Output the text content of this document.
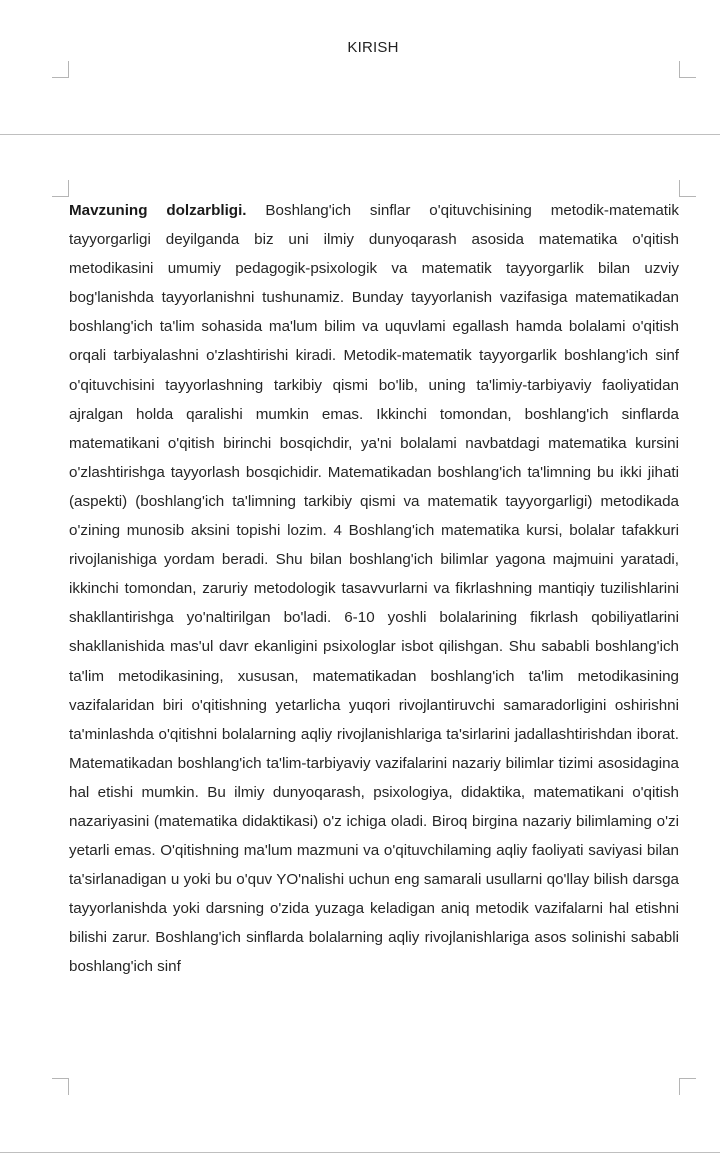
KIRISH

Mavzuning dolzarbligi. Boshlang'ich sinflar o'qituvchisining metodik-matematik tayyorgarligi deyilganda biz uni ilmiy dunyoqarash asosida matematika o'qitish metodikasini umumiy pedagogik-psixologik va matematik tayyorgarlik bilan uzviy bog'lanishda tayyorlanishni tushunamiz. Bunday tayyorlanish vazifasiga matematikadan boshlang'ich ta'lim sohasida ma'lum bilim va uquvlami egallash hamda bolalami o'qitish orqali tarbiyalashni o'zlashtirishi kiradi. Metodik-matematik tayyorgarlik boshlang'ich sinf o'qituvchisini tayyorlashning tarkibiy qismi bo'lib, uning ta'limiy-tarbiyaviy faoliyatidan ajralgan holda qaralishi mumkin emas. Ikkinchi tomondan, boshlang'ich sinflarda matematikani o'qitish birinchi bosqichdir, ya'ni bolalami navbatdagi matematika kursini o'zlashtirishga tayyorlash bosqichidir. Matematikadan boshlang'ich ta'limning bu ikki jihati (aspekti) (boshlang'ich ta'limning tarkibiy qismi va matematik tayyorgarligi) metodikada o'zining munosib aksini topishi lozim. 4 Boshlang'ich matematika kursi, bolalar tafakkuri rivojlanishiga yordam beradi. Shu bilan boshlang'ich bilimlar yagona majmuini yaratadi, ikkinchi tomondan, zaruriy metodologik tasavvurlarni va fikrlashning mantiqiy tuzilishlarini shakllantirishga yo'naltirilgan bo'ladi. 6-10 yoshli bolalarining fikrlash qobiliyatlarini shakllanishida mas'ul davr ekanligini psixologlar isbot qilishgan. Shu sababli boshlang'ich ta'lim metodikasining, xususan, matematikadan boshlang'ich ta'lim metodikasining vazifalaridan biri o'qitishning yetarlicha yuqori rivojlantiruvchi samaradorligini oshirishni ta'minlashda o'qitishni bolalarning aqliy rivojlanishlariga ta'sirlarini jadallashtirishdan iborat. Matematikadan boshlang'ich ta'lim-tarbiyaviy vazifalarini nazariy bilimlar tizimi asosidagina hal etishi mumkin. Bu ilmiy dunyoqarash, psixologiya, didaktika, matematikani o'qitish nazariyasini (matematika didaktikasi) o'z ichiga oladi. Biroq birgina nazariy bilimlaming o'zi yetarli emas. O'qitishning ma'lum mazmuni va o'qituvchilaming aqliy faoliyati saviyasi bilan ta'sirlanadigan u yoki bu o'quv YO'nalishi uchun eng samarali usullarni qo'llay bilish darsga tayyorlanishda yoki darsning o'zida yuzaga keladigan aniq metodik vazifalarni hal etishni bilishi zarur. Boshlang'ich sinflarda bolalarning aqliy rivojlanishlariga asos solinishi sababli boshlang'ich sinf
